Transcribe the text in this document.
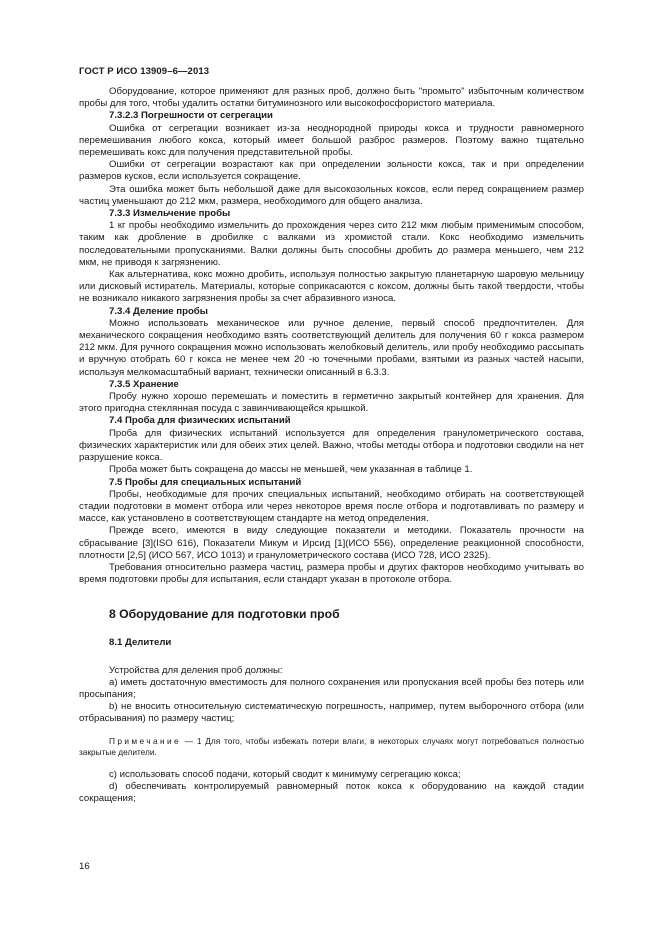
ГОСТ Р ИСО 13909–6—2013

Оборудование, которое применяют для разных проб, должно быть "промыто" избыточным количеством пробы для того, чтобы удалить остатки битуминозного или высокофосфористого материала.

7.3.2.3 Погрешности от сегрегации

Ошибка от сегрегации возникает из-за неоднородной природы кокса и трудности равномерного перемешивания любого кокса, который имеет большой разброс размеров. Поэтому важно тщательно перемешивать кокс для получения представительной пробы.

Ошибки от сегрегации возрастают как при определении зольности кокса, так и при определении размеров кусков, если используется сокращение.

Эта ошибка может быть небольшой даже для высокозольных коксов, если перед сокращением размер частиц уменьшают до 212 мкм, размера, необходимого для общего анализа.

7.3.3 Измельчение пробы

1 кг пробы необходимо измельчить до прохождения через сито 212 мкм любым применимым способом, таким как дробление в дробилке с валками из хромистой стали. Кокс необходимо измельчить последовательными пропусканиями. Валки должны быть способны дробить до размера меньшего, чем 212 мкм, не приводя к загрязнению.

Как альтернатива, кокс можно дробить, используя полностью закрытую планетарную шаровую мельницу или дисковый истиратель. Материалы, которые соприкасаются с коксом, должны быть такой твердости, чтобы не возникало никакого загрязнения пробы за счет абразивного износа.

7.3.4 Деление пробы

Можно использовать механическое или ручное деление, первый способ предпочтителен. Для механического сокращения необходимо взять соответствующий делитель для получения 60 г кокса размером 212 мкм. Для ручного сокращения можно использовать желобковый делитель, или пробу необходимо рассыпать и вручную отобрать 60 г кокса не менее чем 20 -ю точечными пробами, взятыми из разных частей насыпи, используя мелкомасштабный вариант, технически описанный в 6.3.3.

7.3.5 Хранение

Пробу нужно хорошо перемешать и поместить в герметично закрытый контейнер для хранения. Для этого пригодна стеклянная посуда с завинчивающейся крышкой.

7.4 Проба для физических испытаний

Проба для физических испытаний используется для определения гранулометрического состава, физических характеристик или для обеих этих целей. Важно, чтобы методы отбора и подготовки сводили на нет разрушение кокса.

Проба может быть сокращена до массы не меньшей, чем указанная в таблице 1.

7.5 Пробы для специальных испытаний

Пробы, необходимые для прочих специальных испытаний, необходимо отбирать на соответствующей стадии подготовки в момент отбора или через некоторое время после отбора и подготавливать по размеру и массе, как установлено в соответствующем стандарте на метод определения.

Прежде всего, имеются в виду следующие показатели и методики. Показатель прочности на сбрасывание [3](ISO 616), Показатели Микум и Ирсид [1](ИСО 556), определение реакционной способности, плотности [2,5] (ИСО 567, ИСО 1013) и гранулометрического состава (ИСО 728, ИСО 2325).

Требования относительно размера частиц, размера пробы и других факторов необходимо учитывать во время подготовки пробы для испытания, если стандарт указан в протоколе отбора.

8 Оборудование для подготовки проб

8.1 Делители

Устройства для деления проб должны:

a) иметь достаточную вместимость для полного сохранения или пропускания всей пробы без потерь или просыпания;

b) не вносить относительную систематическую погрешность, например, путем выборочного отбора (или отбрасывания) по размеру частиц;

Примечание — 1 Для того, чтобы избежать потери влаги, в некоторых случаях могут потребоваться полностью закрытые делители.

c) использовать способ подачи, который сводит к минимуму сегрегацию кокса;

d) обеспечивать контролируемый равномерный поток кокса к оборудованию на каждой стадии сокращения;

16
